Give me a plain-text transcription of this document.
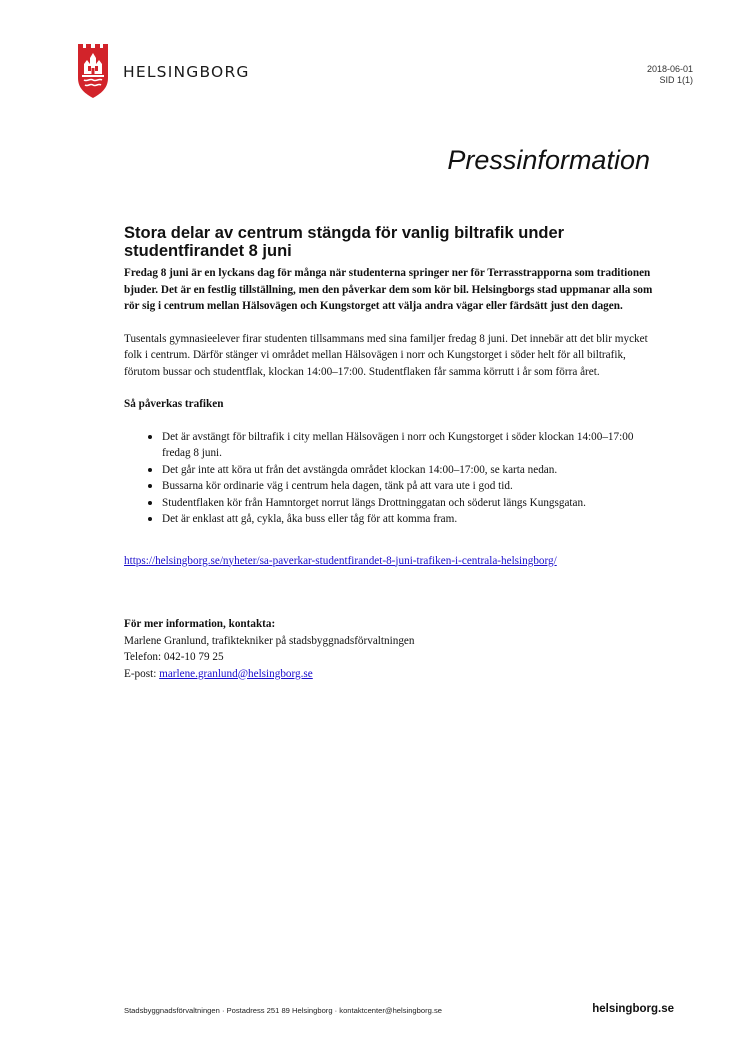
HELSINGBORG	2018-06-01
SID 1(1)
Pressinformation
Stora delar av centrum stängda för vanlig biltrafik under studentfirandet 8 juni

Fredag 8 juni är en lyckans dag för många när studenterna springer ner för Terrasstrapporna som traditionen bjuder. Det är en festlig tillställning, men den påverkar dem som kör bil. Helsingborgs stad uppmanar alla som rör sig i centrum mellan Hälsovägen och Kungstorget att välja andra vägar eller färdsätt just den dagen.

Tusentals gymnasieelever firar studenten tillsammans med sina familjer fredag 8 juni. Det innebär att det blir mycket folk i centrum. Därför stänger vi området mellan Hälsovägen i norr och Kungstorget i söder helt för all biltrafik, förutom bussar och studentflak, klockan 14:00–17:00. Studentflaken får samma körrutt i år som förra året.

Så påverkas trafiken

Det är avstängt för biltrafik i city mellan Hälsovägen i norr och Kungstorget i söder klockan 14:00–17:00 fredag 8 juni.
Det går inte att köra ut från det avstängda området klockan 14:00–17:00, se karta nedan.
Bussarna kör ordinarie väg i centrum hela dagen, tänk på att vara ute i god tid.
Studentflaken kör från Hamntorget norrut längs Drottninggatan och söderut längs Kungsgatan.
Det är enklast att gå, cykla, åka buss eller tåg för att komma fram.
https://helsingborg.se/nyheter/sa-paverkar-studentfirandet-8-juni-trafiken-i-centrala-helsingborg/
För mer information, kontakta:
Marlene Granlund, trafiktekniker på stadsbyggnadsförvaltningen
Telefon: 042-10 79 25
E-post: marlene.granlund@helsingborg.se
Stadsbyggnadsförvaltningen · Postadress 251 89 Helsingborg · kontaktcenter@helsingborg.se	helsingborg.se
